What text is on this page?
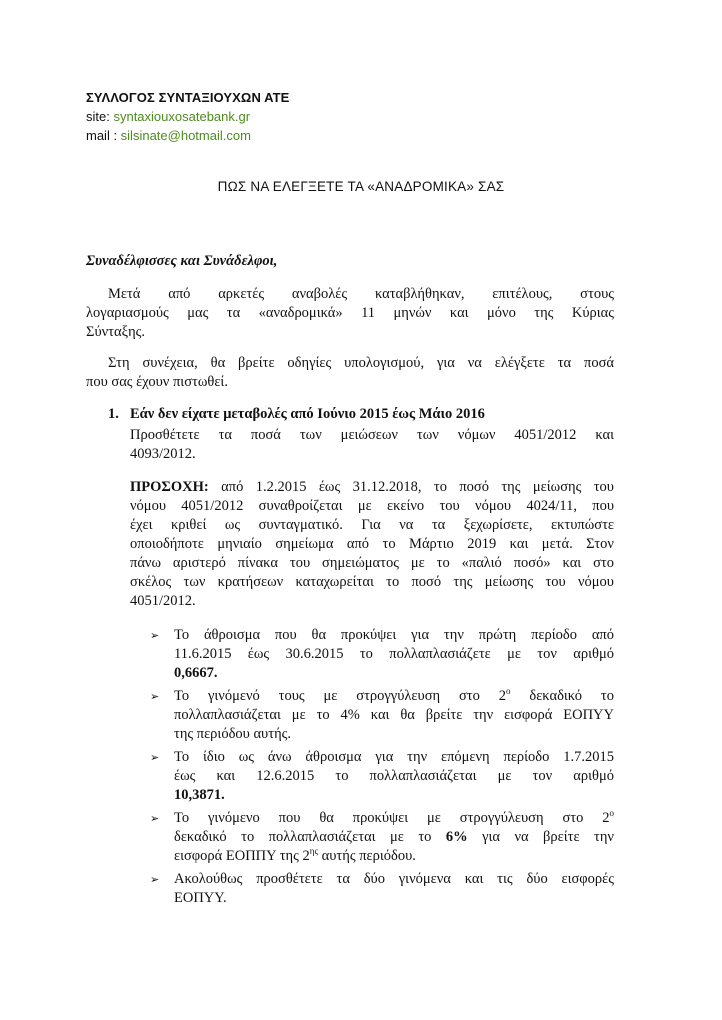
ΣΥΛΛΟΓΟΣ ΣΥΝΤΑΞΙΟΥΧΩΝ ΑΤΕ
site: syntaxiouxosatebank.gr
mail : silsinate@hotmail.com
ΠΩΣ ΝΑ ΕΛΕΓΞΕΤΕ ΤΑ «ΑΝΑΔΡΟΜΙΚΑ» ΣΑΣ
Συναδέλφισσες και Συνάδελφοι,
Μετά από αρκετές αναβολές καταβλήθηκαν, επιτέλους, στους
λογαριασμούς μας τα «αναδρομικά» 11 μηνών και μόνο της Κύριας
Σύνταξης.
Στη συνέχεια, θα βρείτε οδηγίες υπολογισμού, για να ελέγξετε τα ποσά
που σας έχουν πιστωθεί.
1. Εάν δεν είχατε μεταβολές από Ιούνιο 2015 έως Μάιο 2016
Προσθέτετε τα ποσά των μειώσεων των νόμων 4051/2012 και
4093/2012.
ΠΡΟΣΟΧΗ: από 1.2.2015 έως 31.12.2018, το ποσό της μείωσης του
νόμου 4051/2012 συναθροίζεται με εκείνο του νόμου 4024/11, που
έχει κριθεί ως συνταγματικό. Για να τα ξεχωρίσετε, εκτυπώστε
οποιοδήποτε μηνιαίο σημείωμα από το Μάρτιο 2019 και μετά. Στον
πάνω αριστερό πίνακα του σημειώματος με το «παλιό ποσό» και στο
σκέλος των κρατήσεων καταχωρείται το ποσό της μείωσης του νόμου
4051/2012.
➢ Το άθροισμα που θα προκύψει για την πρώτη περίοδο από
11.6.2015 έως 30.6.2015 το πολλαπλασιάζετε με τον αριθμό
0,6667.
➢ Το γινόμενό τους με στρογγύλευση στο $2^o$ δεκαδικό το
πολλαπλασιάζεται με το 4% και θα βρείτε την εισφορά ΕΟΠΥΥ
της περιόδου αυτής.
➢ Το ίδιο ως άνω άθροισμα για την επόμενη περίοδο 1.7.2015
έως και 12.6.2015 το πολλαπλασιάζεται με τον αριθμό
10,3871.
➢ Το γινόμενο που θα προκύψει με στρογγύλευση στο $2^o$
δεκαδικό το πολλαπλασιάζεται με το 6% για να βρείτε την
εισφορά ΕΟΠΠΥ της $2^{\eta\varsigma}$ αυτής περιόδου.
➢ Ακολούθως προσθέτετε τα δύο γινόμενα και τις δύο εισφορές
ΕΟΠΥΥ.
